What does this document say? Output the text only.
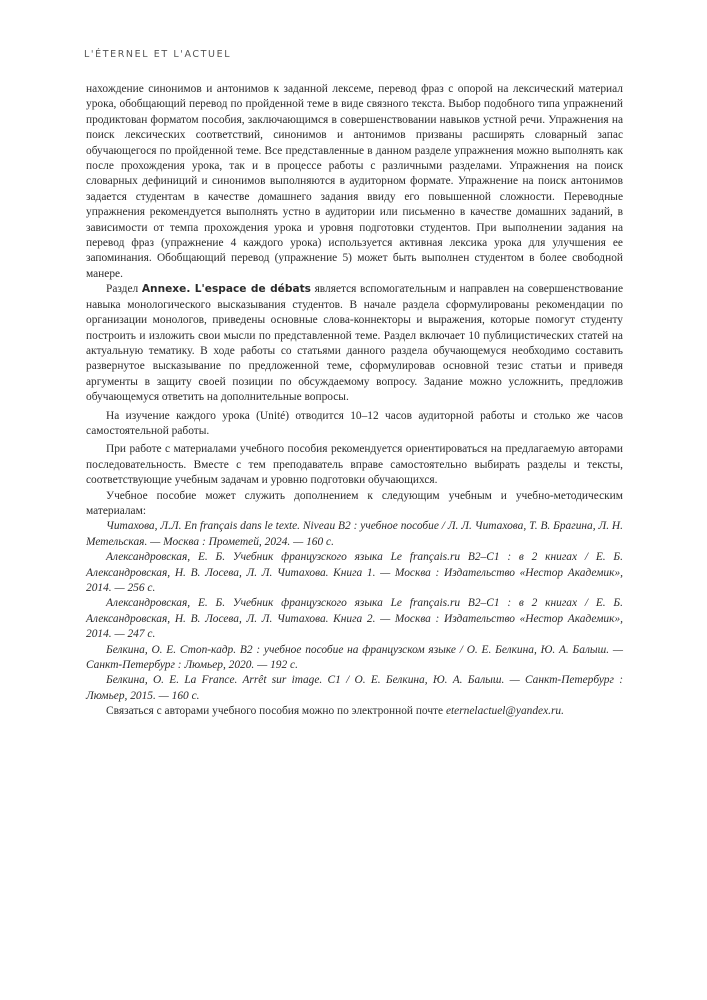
L'ÉTERNEL ET L'ACTUEL

нахождение синонимов и антонимов к заданной лексеме, перевод фраз с опорой на лексический материал урока, обобщающий перевод по пройденной теме в виде связного текста. Выбор подобного типа упражнений продиктован форматом пособия, заключающимся в совершенствовании навыков устной речи. Упражнения на поиск лексических соответствий, синонимов и антонимов призваны расширять словарный запас обучающегося по пройденной теме. Все представленные в данном разделе упражнения можно выполнять как после прохождения урока, так и в процессе работы с различными разделами. Упражнения на поиск словарных дефиниций и синонимов выполняются в аудиторном формате. Упражнение на поиск антонимов задается студентам в качестве домашнего задания ввиду его повышенной сложности. Переводные упражнения рекомендуется выполнять устно в аудитории или письменно в качестве домашних заданий, в зависимости от темпа прохождения урока и уровня подготовки студентов. При выполнении задания на перевод фраз (упражнение 4 каждого урока) используется активная лексика урока для улучшения ее запоминания. Обобщающий перевод (упражнение 5) может быть выполнен студентом в более свободной манере.

Раздел Annexe. L'espace de débats является вспомогательным и направлен на совершенствование навыка монологического высказывания студентов. В начале раздела сформулированы рекомендации по организации монологов, приведены основные слова-коннекторы и выражения, которые помогут студенту построить и изложить свои мысли по представленной теме. Раздел включает 10 публицистических статей на актуальную тематику. В ходе работы со статьями данного раздела обучающемуся необходимо составить развернутое высказывание по предложенной теме, сформулировав основной тезис статьи и приведя аргументы в защиту своей позиции по обсуждаемому вопросу. Задание можно усложнить, предложив обучающемуся ответить на дополнительные вопросы.

На изучение каждого урока (Unité) отводится 10–12 часов аудиторной работы и столько же часов самостоятельной работы.

При работе с материалами учебного пособия рекомендуется ориентироваться на предлагаемую авторами последовательность. Вместе с тем преподаватель вправе самостоятельно выбирать разделы и тексты, соответствующие учебным задачам и уровню подготовки обучающихся.

Учебное пособие может служить дополнением к следующим учебным и учебно-методическим материалам:

Читахова, Л.Л. En français dans le texte. Niveau B2 : учебное пособие / Л. Л. Читахова, Т. В. Брагина, Л. Н. Метельская. — Москва : Прометей, 2024. — 160 с.

Александровская, Е. Б. Учебник французского языка Le français.ru B2–C1 : в 2 книгах / Е. Б. Александровская, Н. В. Лосева, Л. Л. Читахова. Книга 1. — Москва : Издательство «Нестор Академик», 2014. — 256 с.

Александровская, Е. Б. Учебник французского языка Le français.ru B2–C1 : в 2 книгах / Е. Б. Александровская, Н. В. Лосева, Л. Л. Читахова. Книга 2. — Москва : Издательство «Нестор Академик», 2014. — 247 с.

Белкина, О. Е. Стоп-кадр. B2 : учебное пособие на французском языке / О. Е. Белкина, Ю. А. Балыш. — Санкт-Петербург : Люмьер, 2020. — 192 с.

Белкина, О. Е. La France. Arrêt sur image. C1 / О. Е. Белкина, Ю. А. Балыш. — Санкт-Петербург : Люмьер, 2015. — 160 с.

Связаться с авторами учебного пособия можно по электронной почте eternelactuel@yandex.ru.
